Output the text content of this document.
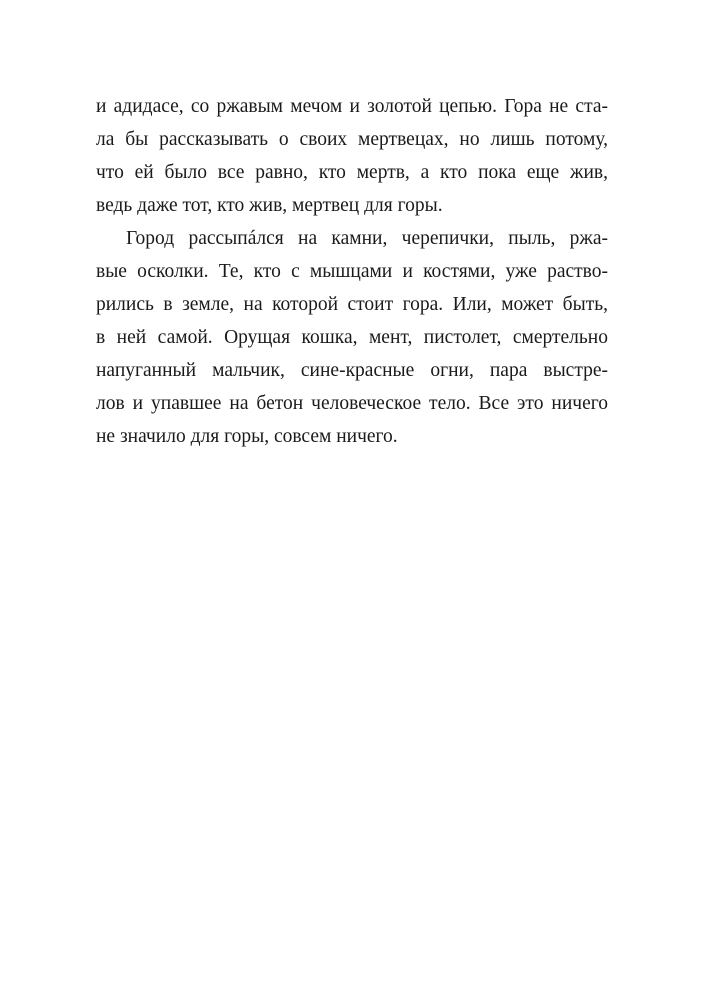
и адидасе, со ржавым мечом и золотой цепью. Гора не ста-
ла бы рассказывать о своих мертвецах, но лишь потому,
что ей было все равно, кто мертв, а кто пока еще жив,
ведь даже тот, кто жив, мертвец для горы.
Город рассыпáлся на камни, черепички, пыль, ржа-
вые осколки. Те, кто с мышцами и костями, уже раство-
рились в земле, на которой стоит гора. Или, может быть,
в ней самой. Орущая кошка, мент, пистолет, смертельно
напуганный мальчик, сине-красные огни, пара выстре-
лов и упавшее на бетон человеческое тело. Все это ничего
не значило для горы, совсем ничего.
